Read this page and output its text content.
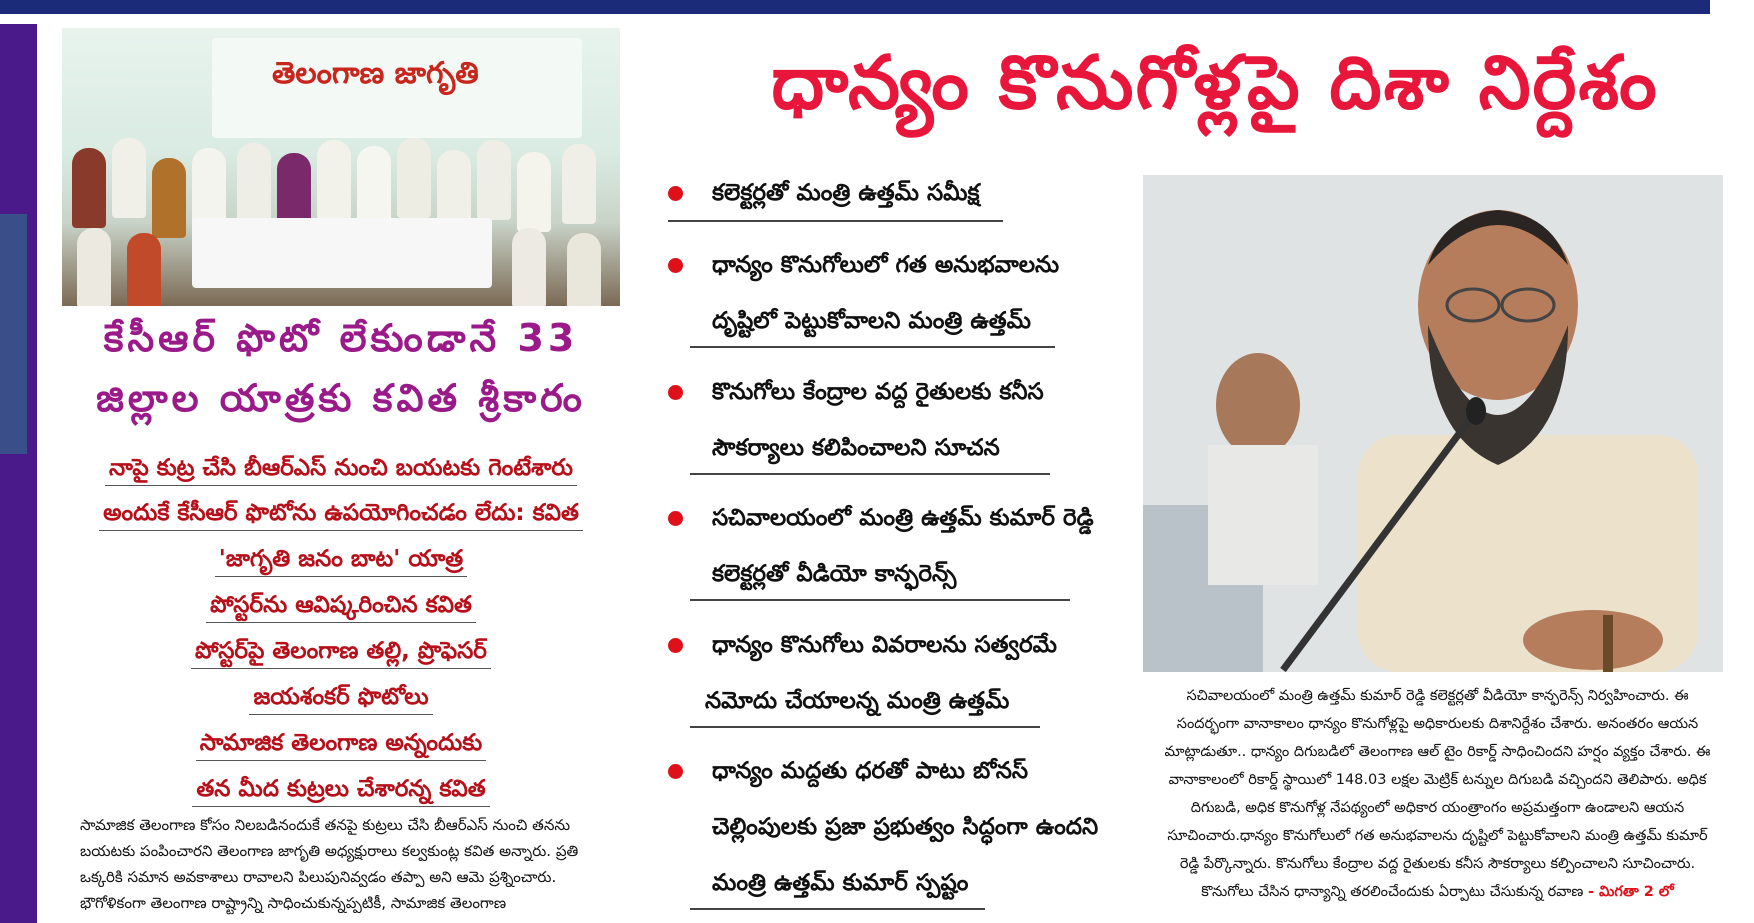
తెలంగాణ జాగృతి
కేసీఆర్ ఫొటో లేకుండానే 33
జిల్లాల యాత్రకు కవిత శ్రీకారం
నాపై కుట్ర చేసి బీఆర్ఎస్ నుంచి బయటకు గెంటేశారు
అందుకే కేసీఆర్ ఫొటోను ఉపయోగించడం లేదు: కవిత
'జాగృతి జనం బాట' యాత్ర
పోస్టర్‌ను ఆవిష్కరించిన కవిత
పోస్టర్‌పై తెలంగాణ తల్లి, ప్రొఫెసర్
జయశంకర్ ఫొటోలు
సామాజిక తెలంగాణ అన్నందుకు
తన మీద కుట్రలు చేశారన్న కవిత
సామాజిక తెలంగాణ కోసం నిలబడినందుకే తనపై కుట్రలు చేసి బీఆర్ఎస్ నుంచి తనను బయటకు పంపించారని తెలంగాణ జాగృతి అధ్యక్షురాలు కల్వకుంట్ల కవిత అన్నారు. ప్రతి ఒక్కరికి సమాన అవకాశాలు రావాలని పిలుపునివ్వడం తప్పా అని ఆమె ప్రశ్నించారు. భౌగోళికంగా తెలంగాణ రాష్ట్రాన్ని సాధించుకున్నప్పటికీ, సామాజిక తెలంగాణ
ధాన్యం కొనుగోళ్లపై దిశా నిర్దేశం
కలెక్టర్లతో మంత్రి ఉత్తమ్ సమీక్ష
ధాన్యం కొనుగోలులో గత అనుభవాలను
దృష్టిలో పెట్టుకోవాలని మంత్రి ఉత్తమ్
కొనుగోలు కేంద్రాల వద్ద రైతులకు కనీస
సౌకర్యాలు కలిపించాలని సూచన
సచివాలయంలో మంత్రి ఉత్తమ్ కుమార్ రెడ్డి
కలెక్టర్లతో వీడియో కాన్ఫరెన్స్
ధాన్యం కొనుగోలు వివరాలను సత్వరమే
నమోదు చేయాలన్న మంత్రి ఉత్తమ్
ధాన్యం మద్దతు ధరతో పాటు బోనస్
చెల్లింపులకు ప్రజా ప్రభుత్వం సిద్ధంగా ఉందని
మంత్రి ఉత్తమ్ కుమార్ స్పష్టం
సచివాలయంలో మంత్రి ఉత్తమ్ కుమార్ రెడ్డి కలెక్టర్లతో వీడియో కాన్ఫరెన్స్ నిర్వహించారు. ఈ సందర్భంగా వానాకాలం ధాన్యం కొనుగోళ్లపై అధికారులకు దిశానిర్దేశం చేశారు. అనంతరం ఆయన మాట్లాడుతూ.. ధాన్యం దిగుబడిలో తెలంగాణ ఆల్ టైం రికార్డ్ సాధించిందని హర్షం వ్యక్తం చేశారు. ఈ వానాకాలంలో రికార్డ్ స్థాయిలో 148.03 లక్షల మెట్రిక్ టన్నుల దిగుబడి వచ్చిందని తెలిపారు. అధిక దిగుబడి, అధిక కొనుగోళ్ల నేపథ్యంలో అధికార యంత్రాంగం అప్రమత్తంగా ఉండాలని ఆయన సూచించారు.ధాన్యం కొనుగోలులో గత అనుభవాలను దృష్టిలో పెట్టుకోవాలని మంత్రి ఉత్తమ్ కుమార్ రెడ్డి పేర్కొన్నారు. కొనుగోలు కేంద్రాల వద్ద రైతులకు కనీస సౌకర్యాలు కల్పించాలని సూచించారు. కొనుగోలు చేసిన ధాన్యాన్ని తరలించేందుకు ఏర్పాటు చేసుకున్న రవాణ - మిగతా 2 లో
